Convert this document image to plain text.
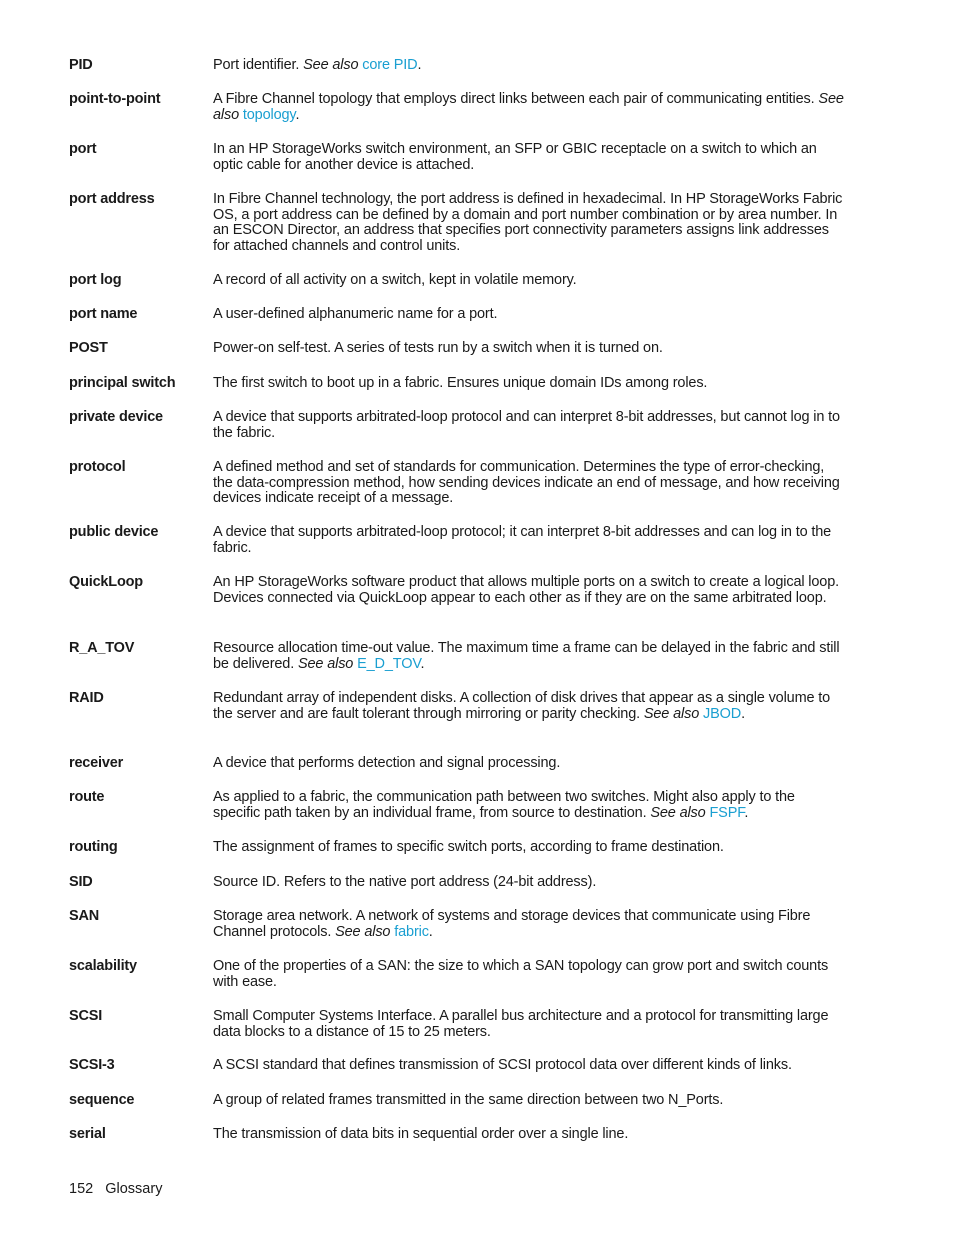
PID	Port identifier. See also core PID.
point-to-point	A Fibre Channel topology that employs direct links between each pair of communicating entities. See also topology.
port	In an HP StorageWorks switch environment, an SFP or GBIC receptacle on a switch to which an optic cable for another device is attached.
port address	In Fibre Channel technology, the port address is defined in hexadecimal. In HP StorageWorks Fabric OS, a port address can be defined by a domain and port number combination or by area number. In an ESCON Director, an address that specifies port connectivity parameters assigns link addresses for attached channels and control units.
port log	A record of all activity on a switch, kept in volatile memory.
port name	A user-defined alphanumeric name for a port.
POST	Power-on self-test. A series of tests run by a switch when it is turned on.
principal switch	The first switch to boot up in a fabric. Ensures unique domain IDs among roles.
private device	A device that supports arbitrated-loop protocol and can interpret 8-bit addresses, but cannot log in to the fabric.
protocol	A defined method and set of standards for communication. Determines the type of error-checking, the data-compression method, how sending devices indicate an end of message, and how receiving devices indicate receipt of a message.
public device	A device that supports arbitrated-loop protocol; it can interpret 8-bit addresses and can log in to the fabric.
QuickLoop	An HP StorageWorks software product that allows multiple ports on a switch to create a logical loop. Devices connected via QuickLoop appear to each other as if they are on the same arbitrated loop.
R_A_TOV	Resource allocation time-out value. The maximum time a frame can be delayed in the fabric and still be delivered. See also E_D_TOV.
RAID	Redundant array of independent disks. A collection of disk drives that appear as a single volume to the server and are fault tolerant through mirroring or parity checking. See also JBOD.
receiver	A device that performs detection and signal processing.
route	As applied to a fabric, the communication path between two switches. Might also apply to the specific path taken by an individual frame, from source to destination. See also FSPF.
routing	The assignment of frames to specific switch ports, according to frame destination.
SID	Source ID. Refers to the native port address (24-bit address).
SAN	Storage area network. A network of systems and storage devices that communicate using Fibre Channel protocols. See also fabric.
scalability	One of the properties of a SAN: the size to which a SAN topology can grow port and switch counts with ease.
SCSI	Small Computer Systems Interface. A parallel bus architecture and a protocol for transmitting large data blocks to a distance of 15 to 25 meters.
SCSI-3	A SCSI standard that defines transmission of SCSI protocol data over different kinds of links.
sequence	A group of related frames transmitted in the same direction between two N_Ports.
serial	The transmission of data bits in sequential order over a single line.
152 Glossary
